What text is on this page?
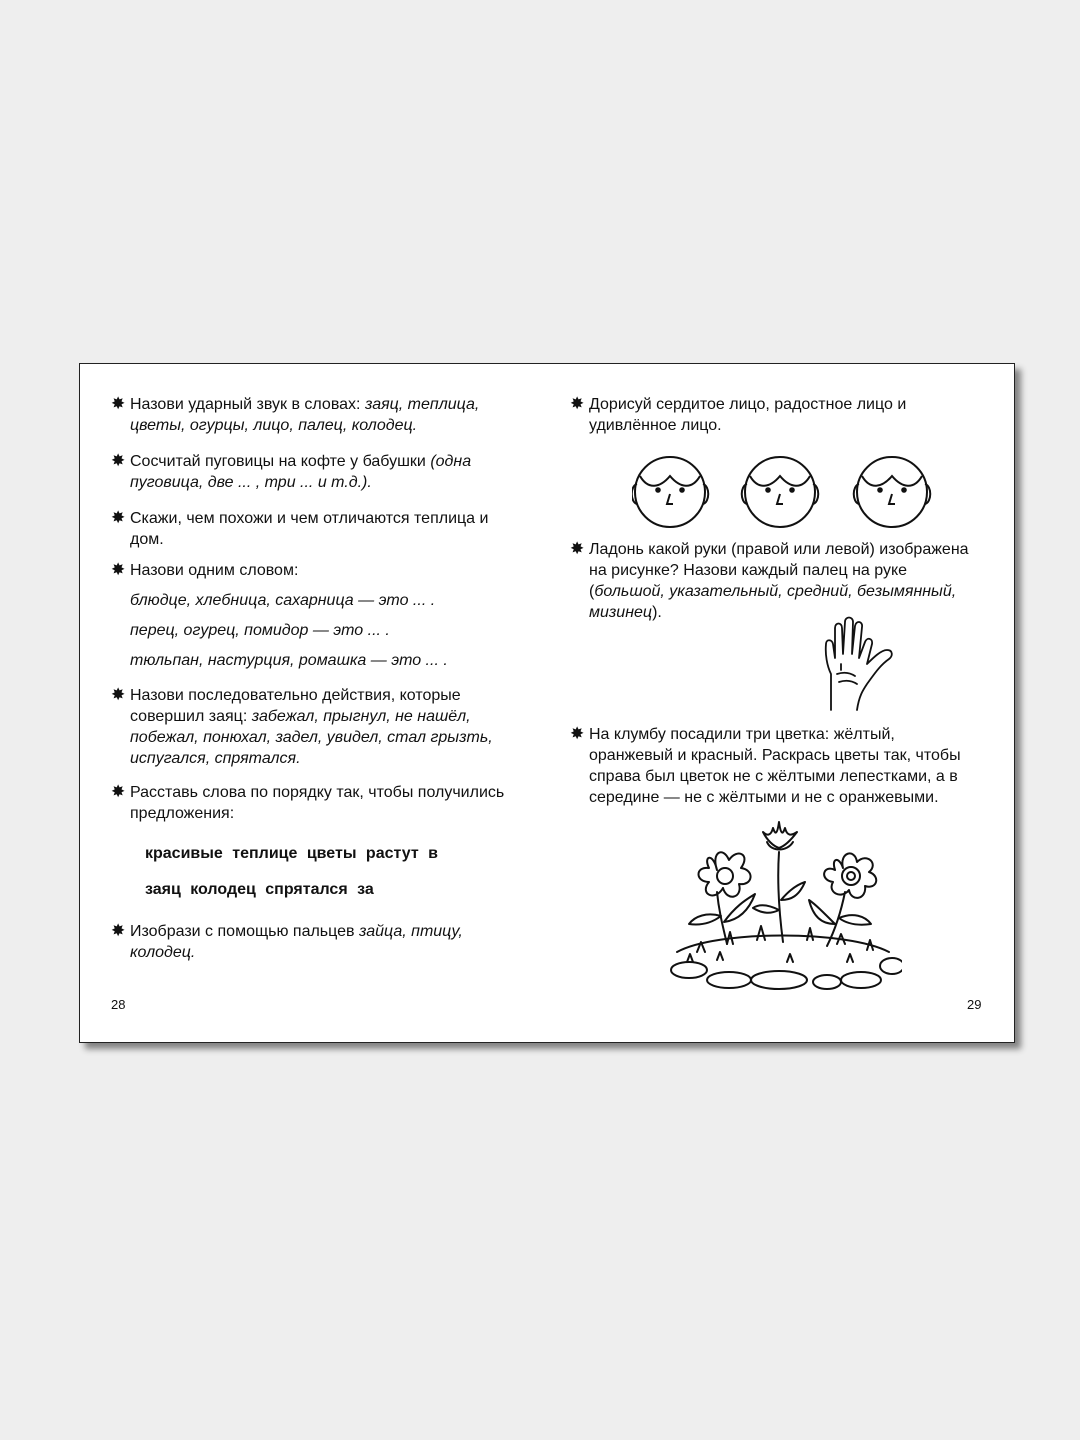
✸ Назови ударный звук в словах: заяц, теплица, цветы, огурцы, лицо, палец, колодец.

✸ Сосчитай пуговицы на кофте у бабушки (одна пуговица, две ... , три ... и т.д.).

✸ Скажи, чем похожи и чем отличаются теплица и дом.

✸ Назови одним словом:

блюдце, хлебница, сахарница — это ... .
перец, огурец, помидор — это ... .
тюльпан, настурция, ромашка — это ... .

✸ Назови последовательно действия, которые совершил заяц: забежал, прыгнул, не нашёл, побежал, понюхал, задел, увидел, стал грызть, испугался, спрятался.

✸ Расставь слова по порядку так, чтобы получились предложения:

красивые теплице цветы растут в
заяц колодец спрятался за

✸ Изобрази с помощью пальцев зайца, птицу, колодец.

28

✸ Дорисуй сердитое лицо, радостное лицо и удивлённое лицо.

✸ Ладонь какой руки (правой или левой) изображена на рисунке? Назови каждый палец на руке (большой, указательный, средний, безымянный, мизинец).

✸ На клумбу посадили три цветка: жёлтый, оранжевый и красный. Раскрась цветы так, чтобы справа был цветок не с жёлтыми лепестками, а в середине — не с жёлтыми и не с оранжевыми.

29
